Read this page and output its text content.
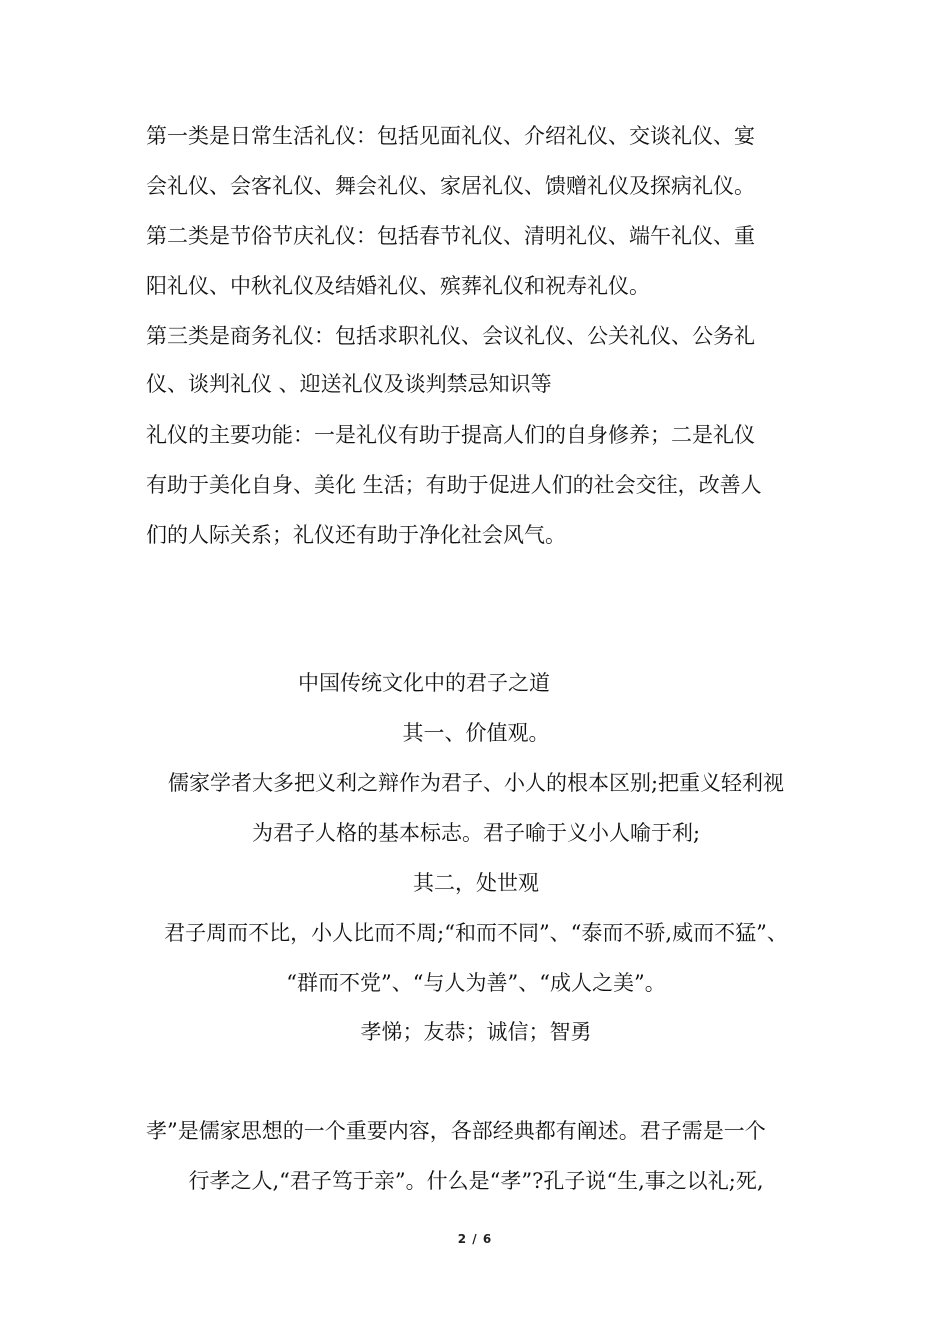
第一类是日常生活礼仪：包括见面礼仪、介绍礼仪、交谈礼仪、宴
会礼仪、会客礼仪、舞会礼仪、家居礼仪、馈赠礼仪及探病礼仪。
第二类是节俗节庆礼仪：包括春节礼仪、清明礼仪、端午礼仪、重
阳礼仪、中秋礼仪及结婚礼仪、殡葬礼仪和祝寿礼仪。
第三类是商务礼仪：包括求职礼仪、会议礼仪、公关礼仪、公务礼
仪、谈判礼仪 、迎送礼仪及谈判禁忌知识等
礼仪的主要功能：一是礼仪有助于提高人们的自身修养；二是礼仪
有助于美化自身、美化 生活；有助于促进人们的社会交往，改善人
们的人际关系；礼仪还有助于净化社会风气。
中国传统文化中的君子之道
其一、价值观。
儒家学者大多把义利之辩作为君子、小人的根本区别;把重义轻利视
为君子人格的基本标志。君子喻于义小人喻于利;
其二，处世观
君子周而不比，小人比而不周;“和而不同”、“泰而不骄,威而不猛”、
“群而不党”、“与人为善”、“成人之美”。
孝悌；友恭；诚信；智勇
孝”是儒家思想的一个重要内容，各部经典都有阐述。君子需是一个
行孝之人,“君子笃于亲”。什么是“孝”?孔子说“生,事之以礼;死,
2 / 6
